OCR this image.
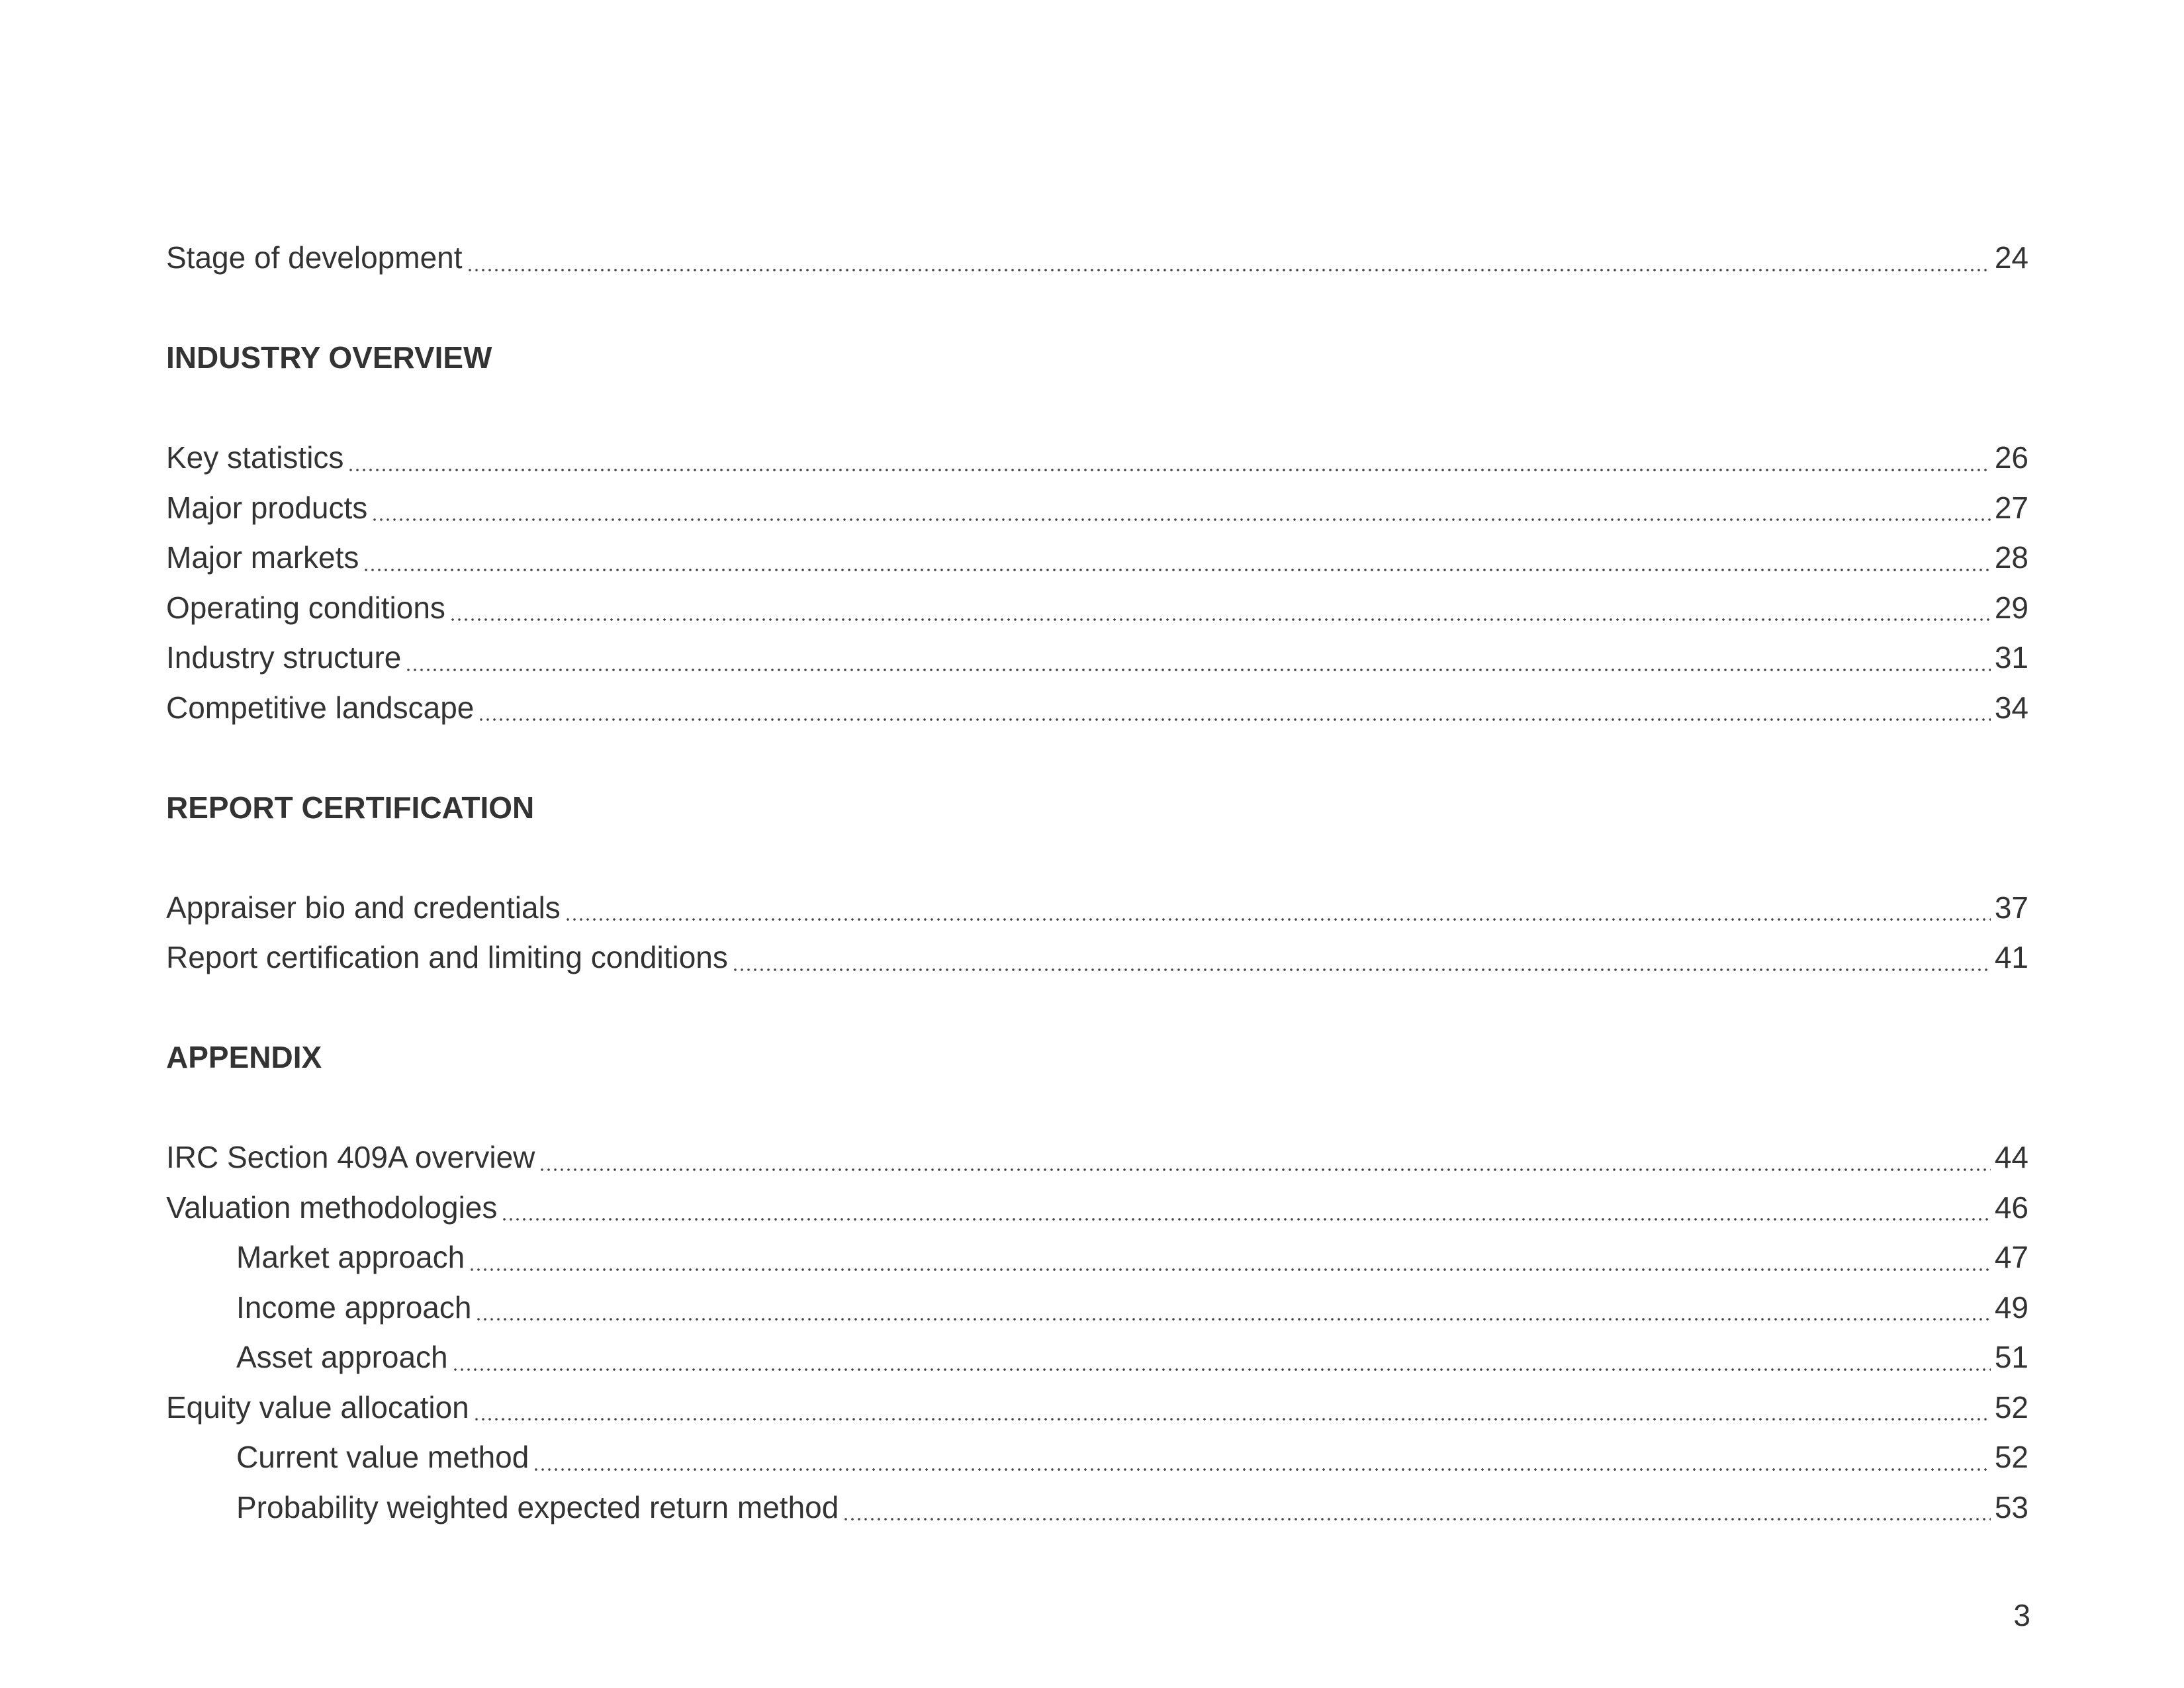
Stage of development	24
INDUSTRY OVERVIEW
Key statistics	26
Major products	27
Major markets	28
Operating conditions	29
Industry structure	31
Competitive landscape	34
REPORT CERTIFICATION
Appraiser bio and credentials	37
Report certification and limiting conditions	41
APPENDIX
IRC Section 409A overview	44
Valuation methodologies	46
Market approach	47
Income approach	49
Asset approach	51
Equity value allocation	52
Current value method	52
Probability weighted expected return method	53
3
